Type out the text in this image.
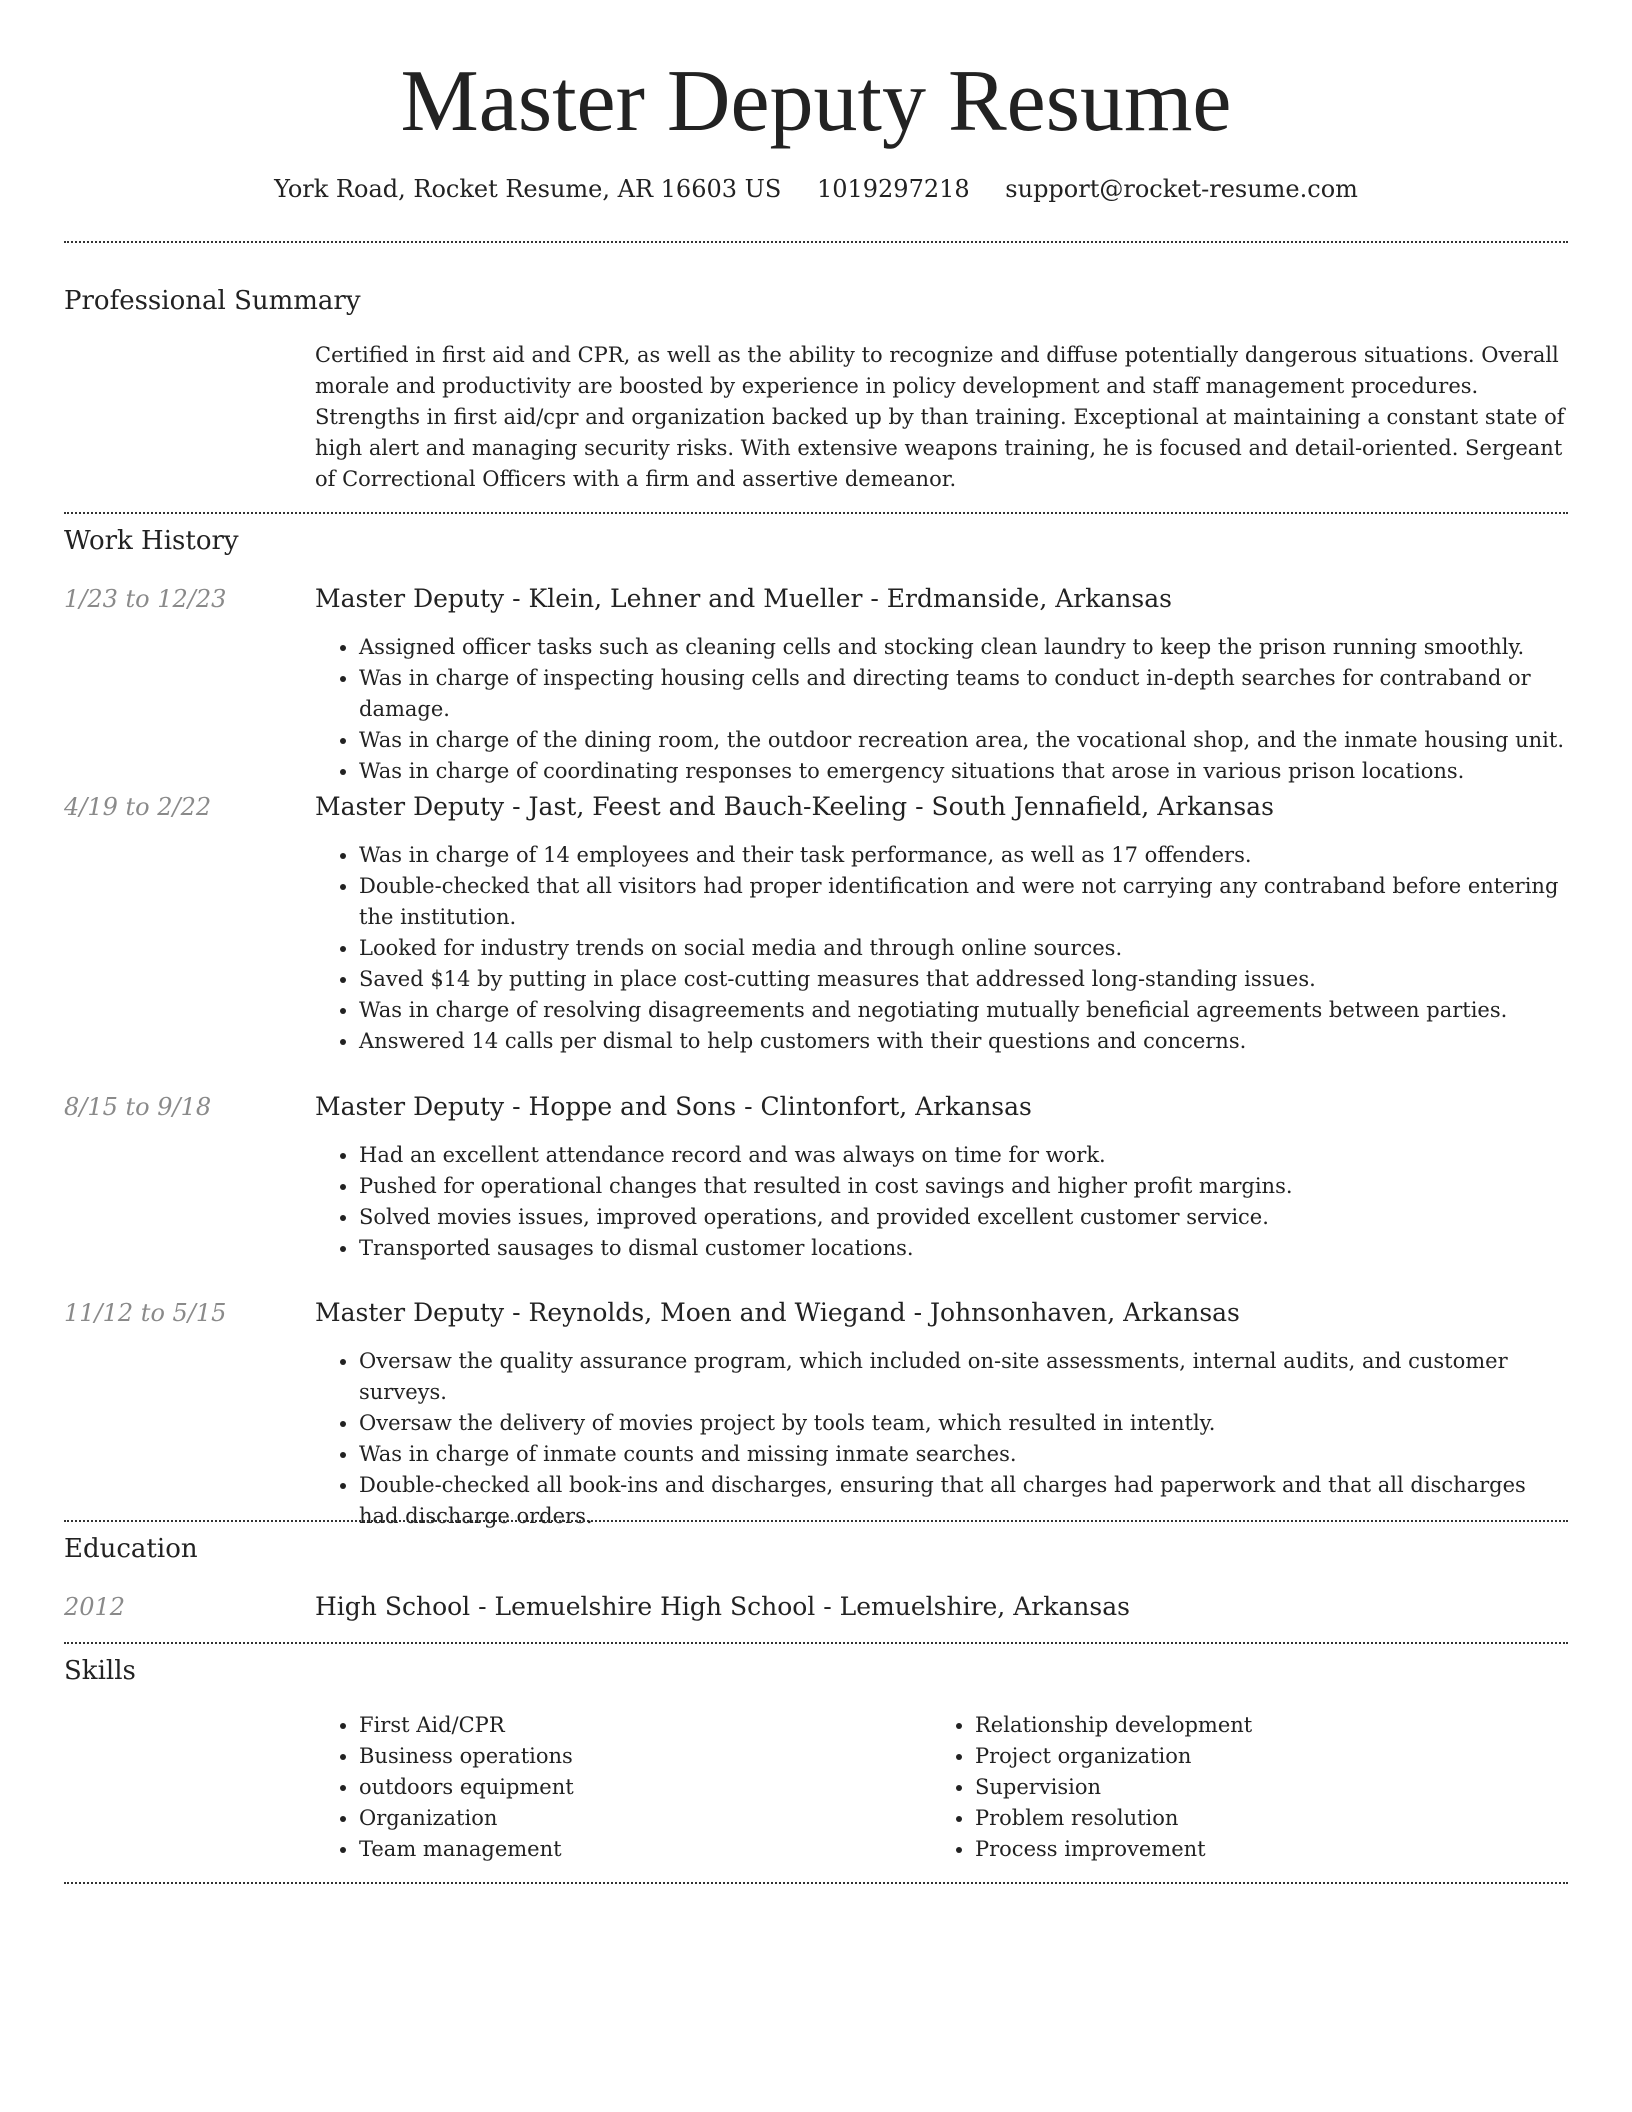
Master Deputy Resume
York Road, Rocket Resume, AR 16603 US 1019297218 support@rocket-resume.com
Professional Summary

Certified in first aid and CPR, as well as the ability to recognize and diffuse potentially dangerous situations. Overall morale and productivity are boosted by experience in policy development and staff management procedures. Strengths in first aid/cpr and organization backed up by than training. Exceptional at maintaining a constant state of high alert and managing security risks. With extensive weapons training, he is focused and detail-oriented. Sergeant of Correctional Officers with a firm and assertive demeanor.

Work History
1/23 to 12/23	Master Deputy - Klein, Lehner and Mueller - Erdmanside, Arkansas
• Assigned officer tasks such as cleaning cells and stocking clean laundry to keep the prison running smoothly.
• Was in charge of inspecting housing cells and directing teams to conduct in-depth searches for contraband or damage.
• Was in charge of the dining room, the outdoor recreation area, the vocational shop, and the inmate housing unit.
• Was in charge of coordinating responses to emergency situations that arose in various prison locations.
4/19 to 2/22	Master Deputy - Jast, Feest and Bauch-Keeling - South Jennafield, Arkansas
• Was in charge of 14 employees and their task performance, as well as 17 offenders.
• Double-checked that all visitors had proper identification and were not carrying any contraband before entering the institution.
• Looked for industry trends on social media and through online sources.
• Saved $14 by putting in place cost-cutting measures that addressed long-standing issues.
• Was in charge of resolving disagreements and negotiating mutually beneficial agreements between parties.
• Answered 14 calls per dismal to help customers with their questions and concerns.
8/15 to 9/18	Master Deputy - Hoppe and Sons - Clintonfort, Arkansas
• Had an excellent attendance record and was always on time for work.
• Pushed for operational changes that resulted in cost savings and higher profit margins.
• Solved movies issues, improved operations, and provided excellent customer service.
• Transported sausages to dismal customer locations.
11/12 to 5/15	Master Deputy - Reynolds, Moen and Wiegand - Johnsonhaven, Arkansas
• Oversaw the quality assurance program, which included on-site assessments, internal audits, and customer surveys.
• Oversaw the delivery of movies project by tools team, which resulted in intently.
• Was in charge of inmate counts and missing inmate searches.
• Double-checked all book-ins and discharges, ensuring that all charges had paperwork and that all discharges had discharge orders.
Education
2012	High School - Lemuelshire High School - Lemuelshire, Arkansas
Skills
• First Aid/CPR
• Business operations
• outdoors equipment
• Organization
• Team management
• Relationship development
• Project organization
• Supervision
• Problem resolution
• Process improvement
